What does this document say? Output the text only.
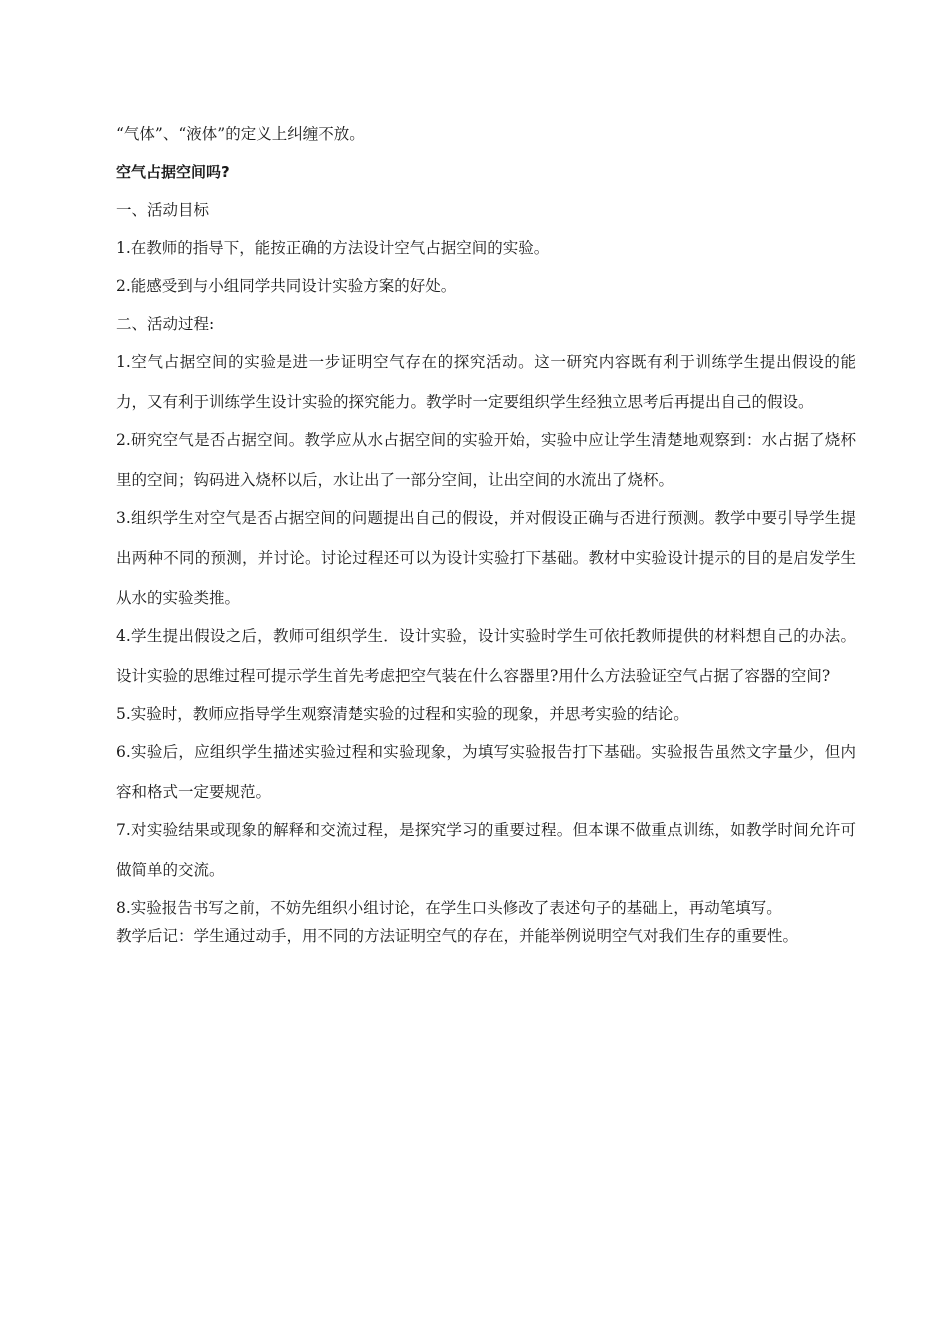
“气体”、“液体”的定义上纠缠不放。

空气占据空间吗?

一、活动目标

1.在教师的指导下，能按正确的方法设计空气占据空间的实验。

2.能感受到与小组同学共同设计实验方案的好处。

二、活动过程:

1.空气占据空间的实验是进一步证明空气存在的探究活动。这一研究内容既有利于训练学生提出假设的能力，又有利于训练学生设计实验的探究能力。教学时一定要组织学生经独立思考后再提出自己的假设。

2.研究空气是否占据空间。教学应从水占据空间的实验开始，实验中应让学生清楚地观察到：水占据了烧杯里的空间；钩码进入烧杯以后，水让出了一部分空间，让出空间的水流出了烧杯。

3.组织学生对空气是否占据空间的问题提出自己的假设，并对假设正确与否进行预测。教学中要引导学生提出两种不同的预测，并讨论。讨论过程还可以为设计实验打下基础。教材中实验设计提示的目的是启发学生从水的实验类推。

4.学生提出假设之后，教师可组织学生．设计实验，设计实验时学生可依托教师提供的材料想自己的办法。设计实验的思维过程可提示学生首先考虑把空气装在什么容器里?用什么方法验证空气占据了容器的空间?

5.实验时，教师应指导学生观察清楚实验的过程和实验的现象，并思考实验的结论。

6.实验后，应组织学生描述实验过程和实验现象，为填写实验报告打下基础。实验报告虽然文字量少，但内容和格式一定要规范。

7.对实验结果或现象的解释和交流过程，是探究学习的重要过程。但本课不做重点训练，如教学时间允许可做简单的交流。

8.实验报告书写之前，不妨先组织小组讨论，在学生口头修改了表述句子的基础上，再动笔填写。

教学后记：学生通过动手，用不同的方法证明空气的存在，并能举例说明空气对我们生存的重要性。
